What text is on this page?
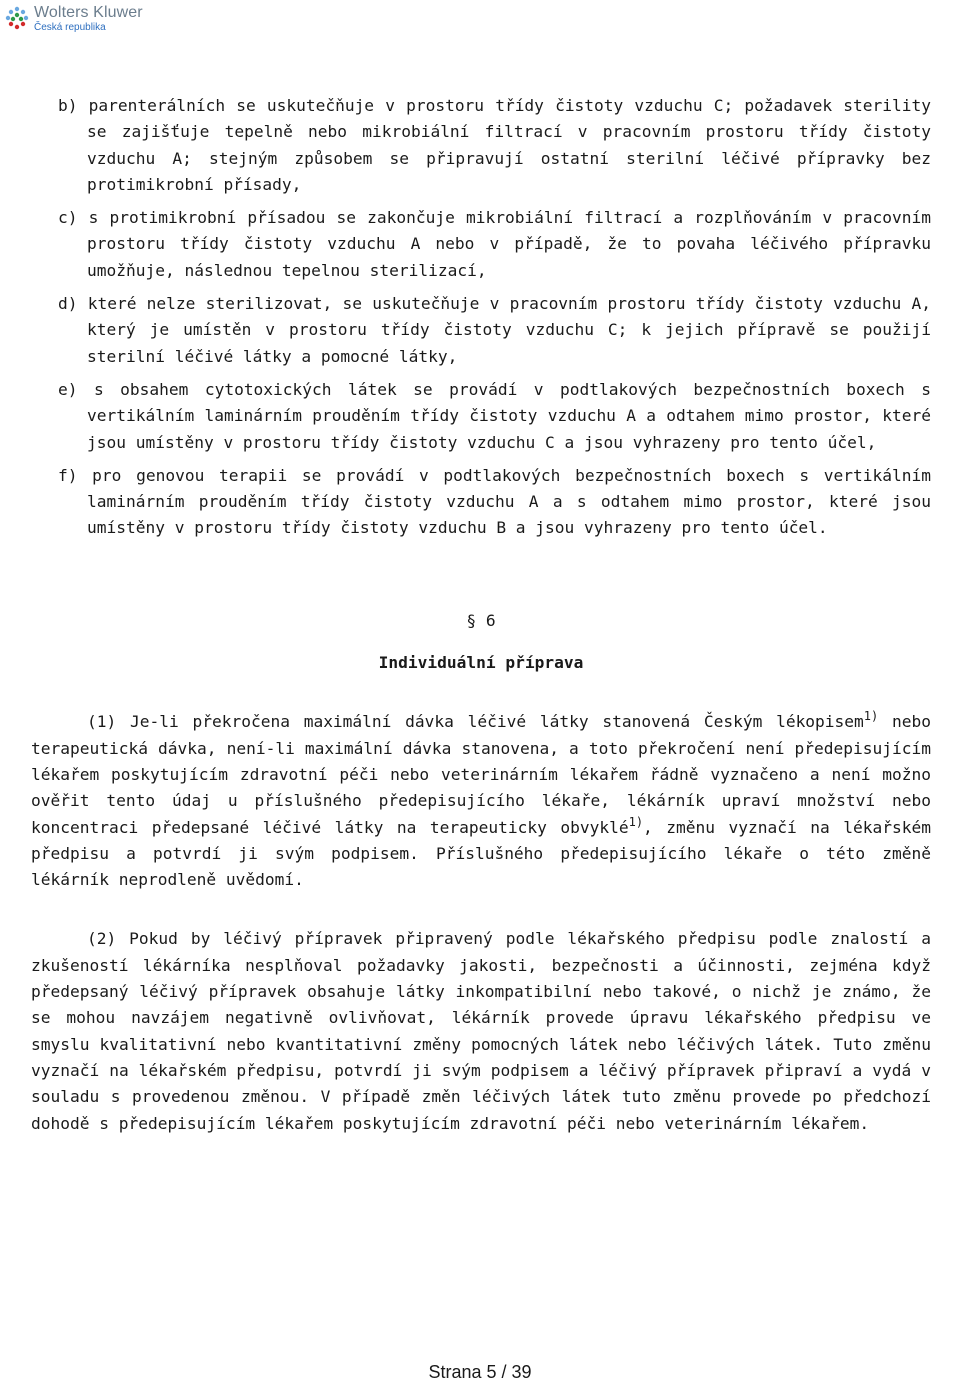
Wolters Kluwer
Česká republika

b) parenterálních se uskutečňuje v prostoru třídy čistoty vzduchu C; požadavek sterility se zajišťuje tepelně nebo mikrobiální filtrací v pracovním prostoru třídy čistoty vzduchu A; stejným způsobem se připravují ostatní sterilní léčivé přípravky bez protimikrobní přísady,

c) s protimikrobní přísadou se zakončuje mikrobiální filtrací a rozplňováním v pracovním prostoru třídy čistoty vzduchu A nebo v případě, že to povaha léčivého přípravku umožňuje, následnou tepelnou sterilizací,

d) které nelze sterilizovat, se uskutečňuje v pracovním prostoru třídy čistoty vzduchu A, který je umístěn v prostoru třídy čistoty vzduchu C; k jejich přípravě se použijí sterilní léčivé látky a pomocné látky,

e) s obsahem cytotoxických látek se provádí v podtlakových bezpečnostních boxech s vertikálním laminárním prouděním třídy čistoty vzduchu A a odtahem mimo prostor, které jsou umístěny v prostoru třídy čistoty vzduchu C a jsou vyhrazeny pro tento účel,

f) pro genovou terapii se provádí v podtlakových bezpečnostních boxech s vertikálním laminárním prouděním třídy čistoty vzduchu A a s odtahem mimo prostor, které jsou umístěny v prostoru třídy čistoty vzduchu B a jsou vyhrazeny pro tento účel.

§ 6
Individuální příprava

(1) Je-li překročena maximální dávka léčivé látky stanovená Českým lékopisem$^{1)}$ nebo terapeutická dávka, není-li maximální dávka stanovena, a toto překročení není předepisujícím lékařem poskytujícím zdravotní péči nebo veterinárním lékařem řádně vyznačeno a není možno ověřit tento údaj u příslušného předepisujícího lékaře, lékárník upraví množství nebo koncentraci předepsané léčivé látky na terapeuticky obvyklé$^{1)}$, změnu vyznačí na lékařském předpisu a potvrdí ji svým podpisem. Příslušného předepisujícího lékaře o této změně lékárník neprodleně uvědomí.

(2) Pokud by léčivý přípravek připravený podle lékařského předpisu podle znalostí a zkušeností lékárníka nesplňoval požadavky jakosti, bezpečnosti a účinnosti, zejména když předepsaný léčivý přípravek obsahuje látky inkompatibilní nebo takové, o nichž je známo, že se mohou navzájem negativně ovlivňovat, lékárník provede úpravu lékařského předpisu ve smyslu kvalitativní nebo kvantitativní změny pomocných látek nebo léčivých látek. Tuto změnu vyznačí na lékařském předpisu, potvrdí ji svým podpisem a léčivý přípravek připraví a vydá v souladu s provedenou změnou. V případě změn léčivých látek tuto změnu provede po předchozí dohodě s předepisujícím lékařem poskytujícím zdravotní péči nebo veterinárním lékařem.

Strana 5 / 39
